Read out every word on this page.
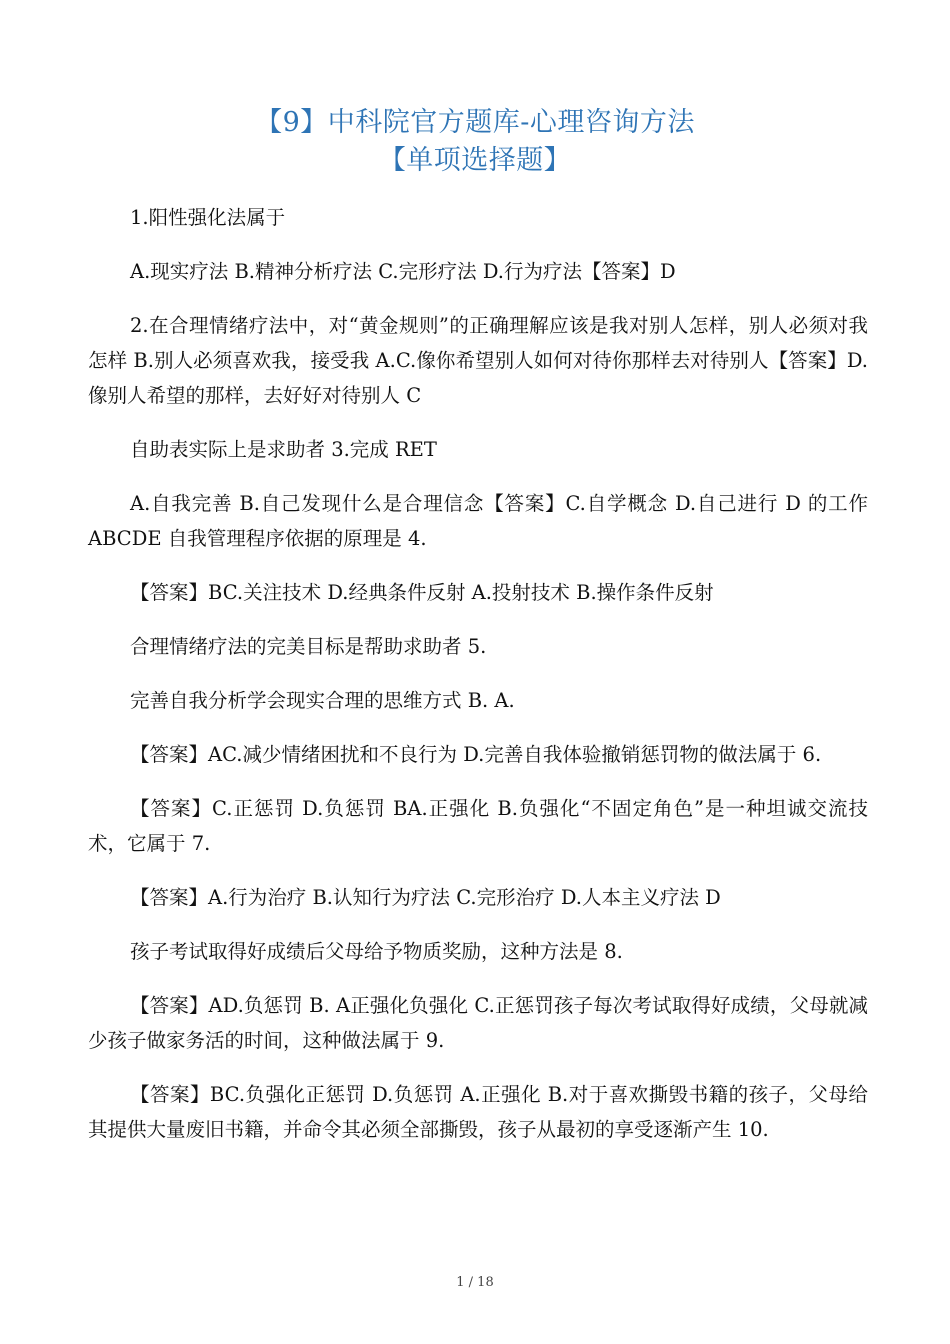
【9】中科院官方题库-心理咨询方法
【单项选择题】

1.阳性强化法属于

A.现实疗法 B.精神分析疗法 C.完形疗法 D.行为疗法【答案】D

2.在合理情绪疗法中，对“黄金规则”的正确理解应该是我对别人怎样，别人必须对我怎样 B.别人必须喜欢我，接受我 A.C.像你希望别人如何对待你那样去对待别人【答案】D.像别人希望的那样，去好好对待别人 C

自助表实际上是求助者 3.完成 RET

A.自我完善 B.自己发现什么是合理信念【答案】C.自学概念 D.自己进行 D 的工作 ABCDE 自我管理程序依据的原理是 4.

【答案】BC.关注技术 D.经典条件反射 A.投射技术 B.操作条件反射

合理情绪疗法的完美目标是帮助求助者 5.

完善自我分析学会现实合理的思维方式 B. A.

【答案】AC.减少情绪困扰和不良行为 D.完善自我体验撤销惩罚物的做法属于 6.

【答案】C.正惩罚 D.负惩罚 BA.正强化 B.负强化“不固定角色”是一种坦诚交流技术，它属于 7.

【答案】A.行为治疗 B.认知行为疗法 C.完形治疗 D.人本主义疗法 D

孩子考试取得好成绩后父母给予物质奖励，这种方法是 8.

【答案】AD.负惩罚 B. A正强化负强化 C.正惩罚孩子每次考试取得好成绩，父母就减少孩子做家务活的时间，这种做法属于 9.

【答案】BC.负强化正惩罚 D.负惩罚 A.正强化 B.对于喜欢撕毁书籍的孩子，父母给其提供大量废旧书籍，并命令其必须全部撕毁，孩子从最初的享受逐渐产生 10.

1 / 18
